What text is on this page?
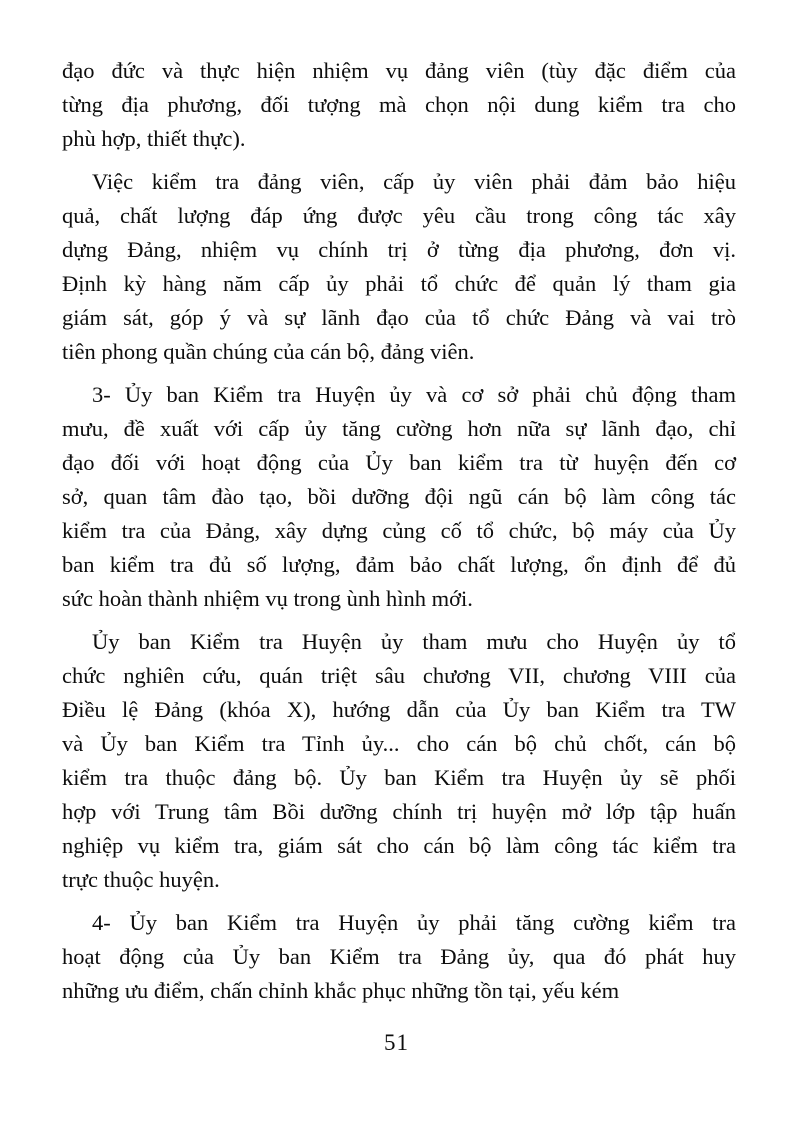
đạo đức và thực hiện nhiệm vụ đảng viên (tùy đặc điểm của
từng địa phương, đối tượng mà chọn nội dung kiểm tra cho
phù hợp, thiết thực).
Việc kiểm tra đảng viên, cấp ủy viên phải đảm bảo hiệu
quả, chất lượng đáp ứng được yêu cầu trong công tác xây
dựng Đảng, nhiệm vụ chính trị ở từng địa phương, đơn vị.
Định kỳ hàng năm cấp ủy phải tổ chức để quản lý tham gia
giám sát, góp ý và sự lãnh đạo của tổ chức Đảng và vai trò
tiên phong quần chúng của cán bộ, đảng viên.
3- Ủy ban Kiểm tra Huyện ủy và cơ sở phải chủ động tham
mưu, đề xuất với cấp ủy tăng cường hơn nữa sự lãnh đạo, chỉ
đạo đối với hoạt động của Ủy ban kiểm tra từ huyện đến cơ
sở, quan tâm đào tạo, bồi dưỡng đội ngũ cán bộ làm công tác
kiểm tra của Đảng, xây dựng củng cố tổ chức, bộ máy của Ủy
ban kiểm tra đủ số lượng, đảm bảo chất lượng, ổn định để đủ
sức hoàn thành nhiệm vụ trong ùnh hình mới.
Ủy ban Kiểm tra Huyện ủy tham mưu cho Huyện ủy tổ
chức nghiên cứu, quán triệt sâu chương VII, chương VIII của
Điều lệ Đảng (khóa X), hướng dẫn của Ủy ban Kiểm tra TW
và Ủy ban Kiểm tra Tỉnh ủy... cho cán bộ chủ chốt, cán bộ
kiểm tra thuộc đảng bộ. Ủy ban Kiểm tra Huyện ủy sẽ phối
hợp với Trung tâm Bồi dưỡng chính trị huyện mở lớp tập huấn
nghiệp vụ kiểm tra, giám sát cho cán bộ làm công tác kiểm tra
trực thuộc huyện.
4- Ủy ban Kiểm tra Huyện ủy phải tăng cường kiểm tra
hoạt động của Ủy ban Kiểm tra Đảng ủy, qua đó phát huy
những ưu điểm, chấn chỉnh khắc phục những tồn tại, yếu kém
51
